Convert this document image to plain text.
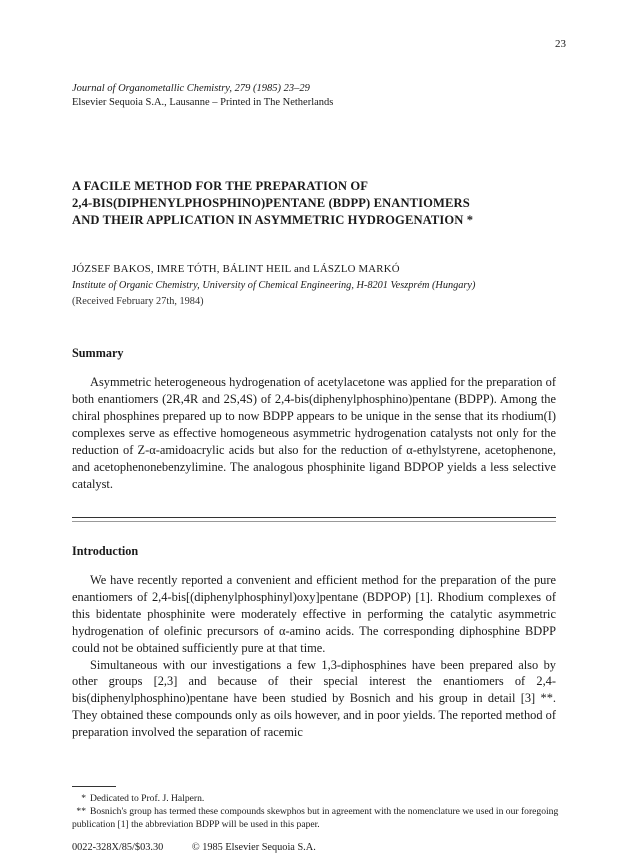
23
Journal of Organometallic Chemistry, 279 (1985) 23–29
Elsevier Sequoia S.A., Lausanne – Printed in The Netherlands
A FACILE METHOD FOR THE PREPARATION OF
2,4-BIS(DIPHENYLPHOSPHINO)PENTANE (BDPP) ENANTIOMERS
AND THEIR APPLICATION IN ASYMMETRIC HYDROGENATION *
JÓZSEF BAKOS, IMRE TÓTH, BÁLINT HEIL and LÁSZLO MARKÓ
Institute of Organic Chemistry, University of Chemical Engineering, H-8201 Veszprém (Hungary)
(Received February 27th, 1984)
Summary

Asymmetric heterogeneous hydrogenation of acetylacetone was applied for the preparation of both enantiomers (2R,4R and 2S,4S) of 2,4-bis(diphenylphosphino)pentane (BDPP). Among the chiral phosphines prepared up to now BDPP appears to be unique in the sense that its rhodium(I) complexes serve as effective homogeneous asymmetric hydrogenation catalysts not only for the reduction of Z-α-amidoacrylic acids but also for the reduction of α-ethylstyrene, acetophenone, and acetophenonebenzylimine. The analogous phosphinite ligand BDPOP yields a less selective catalyst.

Introduction

We have recently reported a convenient and efficient method for the preparation of the pure enantiomers of 2,4-bis[(diphenylphosphinyl)oxy]pentane (BDPOP) [1]. Rhodium complexes of this bidentate phosphinite were moderately effective in performing the catalytic asymmetric hydrogenation of olefinic precursors of α-amino acids. The corresponding diphosphine BDPP could not be obtained sufficiently pure at that time.

Simultaneous with our investigations a few 1,3-diphosphines have been prepared also by other groups [2,3] and because of their special interest the enantiomers of 2,4-bis(diphenylphosphino)pentane have been studied by Bosnich and his group in detail [3] **. They obtained these compounds only as oils however, and in poor yields. The reported method of preparation involved the separation of racemic

* Dedicated to Prof. J. Halpern.

** Bosnich's group has termed these compounds skewphos but in agreement with the nomenclature we used in our foregoing publication [1] the abbreviation BDPP will be used in this paper.

0022-328X/85/$03.30	© 1985 Elsevier Sequoia S.A.
